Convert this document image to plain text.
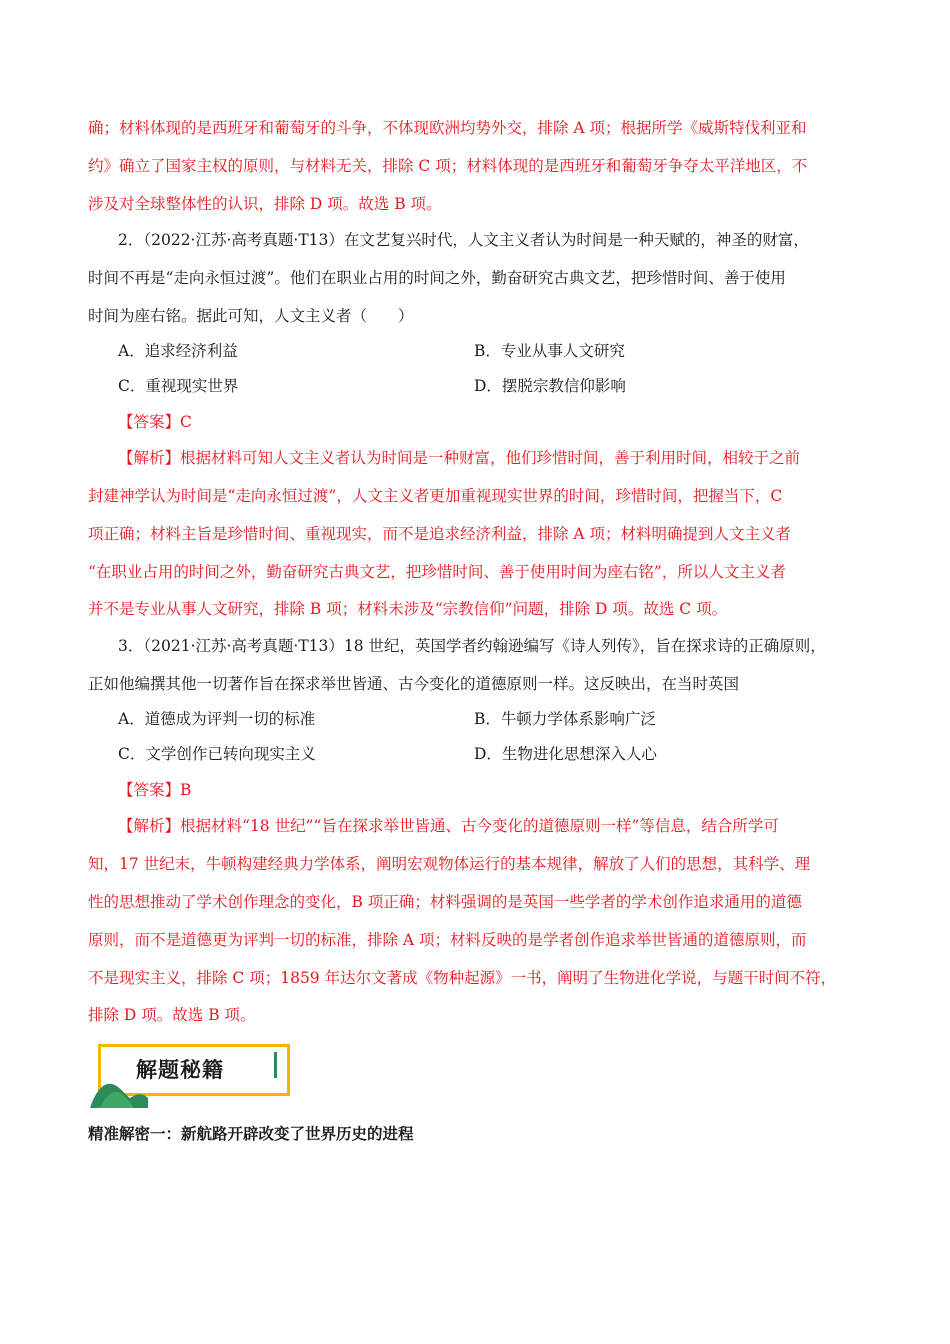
确；材料体现的是西班牙和葡萄牙的斗争，不体现欧洲均势外交，排除 A 项；根据所学《威斯特伐利亚和
约》确立了国家主权的原则，与材料无关，排除 C 项；材料体现的是西班牙和葡萄牙争夺太平洋地区，不
涉及对全球整体性的认识，排除 D 项。故选 B 项。
2．（2022·江苏·高考真题·T13）在文艺复兴时代，人文主义者认为时间是一种天赋的，神圣的财富，
时间不再是“走向永恒过渡”。他们在职业占用的时间之外，勤奋研究古典文艺，把珍惜时间、善于使用
时间为座右铭。据此可知，人文主义者（　　）
A．追求经济利益	B．专业从事人文研究
C．重视现实世界	D．摆脱宗教信仰影响
【答案】C
【解析】根据材料可知人文主义者认为时间是一种财富，他们珍惜时间，善于利用时间，相较于之前
封建神学认为时间是“走向永恒过渡”，人文主义者更加重视现实世界的时间，珍惜时间，把握当下，C
项正确；材料主旨是珍惜时间、重视现实，而不是追求经济利益，排除 A 项；材料明确提到人文主义者
“在职业占用的时间之外，勤奋研究古典文艺，把珍惜时间、善于使用时间为座右铭”，所以人文主义者
并不是专业从事人文研究，排除 B 项；材料未涉及“宗教信仰”问题，排除 D 项。故选 C 项。
3．（2021·江苏·高考真题·T13）18 世纪，英国学者约翰逊编写《诗人列传》，旨在探求诗的正确原则，
正如他编撰其他一切著作旨在探求举世皆通、古今变化的道德原则一样。这反映出，在当时英国
A．道德成为评判一切的标准	B．牛顿力学体系影响广泛
C．文学创作已转向现实主义	D．生物进化思想深入人心
【答案】B
【解析】根据材料“18 世纪”“旨在探求举世皆通、古今变化的道德原则一样”等信息，结合所学可
知，17 世纪末，牛顿构建经典力学体系，阐明宏观物体运行的基本规律，解放了人们的思想，其科学、理
性的思想推动了学术创作理念的变化，B 项正确；材料强调的是英国一些学者的学术创作追求通用的道德
原则，而不是道德更为评判一切的标准，排除 A 项；材料反映的是学者创作追求举世皆通的道德原则，而
不是现实主义，排除 C 项；1859 年达尔文著成《物种起源》一书，阐明了生物进化学说，与题干时间不符，
排除 D 项。故选 B 项。
解题秘籍
精准解密一：新航路开辟改变了世界历史的进程
